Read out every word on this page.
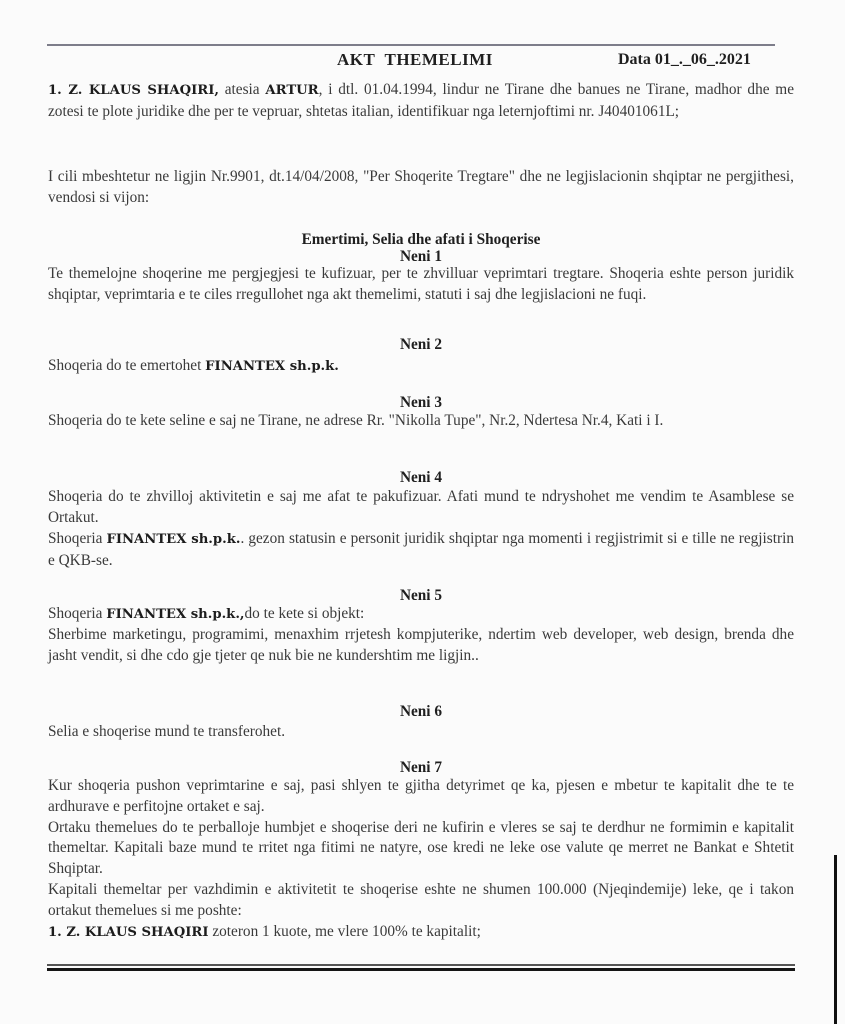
AKT THEMELIMI	Data 01_._06_.2021
1. Z. KLAUS SHAQIRI, atesia ARTUR, i dtl. 01.04.1994, lindur ne Tirane dhe banues ne Tirane, madhor dhe me zotesi te plote juridike dhe per te vepruar, shtetas italian, identifikuar nga leternjoftimi nr. J40401061L;
I cili mbeshtetur ne ligjin Nr.9901, dt.14/04/2008, "Per Shoqerite Tregtare" dhe ne legjislacionin shqiptar ne pergjithesi, vendosi si vijon:
Emertimi, Selia dhe afati i Shoqerise
Neni 1
Te themelojne shoqerine me pergjegjesi te kufizuar, per te zhvilluar veprimtari tregtare. Shoqeria eshte person juridik shqiptar, veprimtaria e te ciles rregullohet nga akt themelimi, statuti i saj dhe legjislacioni ne fuqi.
Neni 2
Shoqeria do te emertohet FINANTEX sh.p.k.
Neni 3
Shoqeria do te kete seline e saj ne Tirane, ne adrese Rr. "Nikolla Tupe", Nr.2, Ndertesa Nr.4, Kati i I.
Neni 4
Shoqeria do te zhvilloj aktivitetin e saj me afat te pakufizuar. Afati mund te ndryshohet me vendim te Asamblese se Ortakut.
Shoqeria FINANTEX sh.p.k.. gezon statusin e personit juridik shqiptar nga momenti i regjistrimit si e tille ne regjistrin e QKB-se.
Neni 5
Shoqeria FINANTEX sh.p.k.,do te kete si objekt:
Sherbime marketingu, programimi, menaxhim rrjetesh kompjuterike, ndertim web developer, web design, brenda dhe jasht vendit, si dhe cdo gje tjeter qe nuk bie ne kundershtim me ligjin..
Neni 6
Selia e shoqerise mund te transferohet.
Neni 7
Kur shoqeria pushon veprimtarine e saj, pasi shlyen te gjitha detyrimet qe ka, pjesen e mbetur te kapitalit dhe te te ardhurave e perfitojne ortaket e saj.
Ortaku themelues do te perballoje humbjet e shoqerise deri ne kufirin e vleres se saj te derdhur ne formimin e kapitalit themeltar. Kapitali baze mund te rritet nga fitimi ne natyre, ose kredi ne leke ose valute qe merret ne Bankat e Shtetit Shqiptar.
Kapitali themeltar per vazhdimin e aktivitetit te shoqerise eshte ne shumen 100.000 (Njeqindemije) leke, qe i takon ortakut themelues si me poshte:
1. Z. KLAUS SHAQIRI zoteron 1 kuote, me vlere 100% te kapitalit;
